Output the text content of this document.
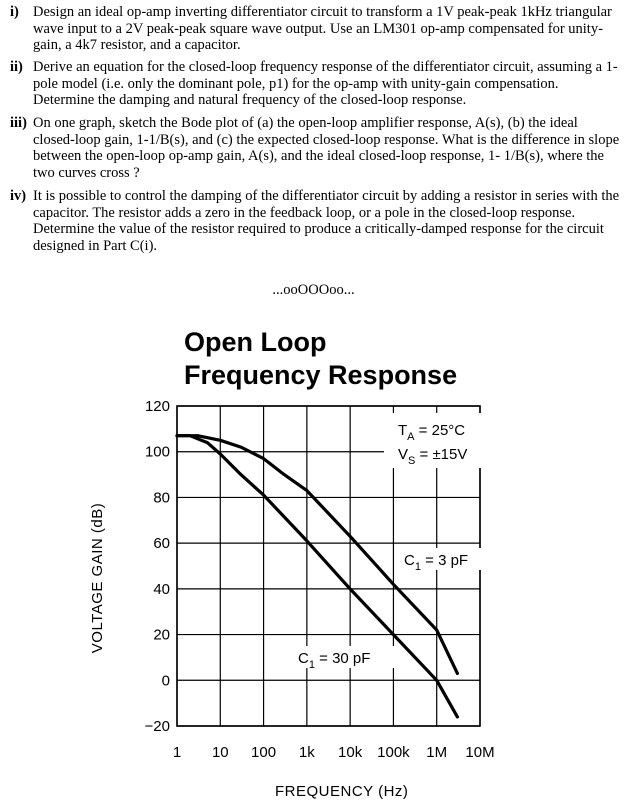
i) Design an ideal op-amp inverting differentiator circuit to transform a 1V peak-peak 1kHz triangular wave input to a 2V peak-peak square wave output. Use an LM301 op-amp compensated for unity-gain, a 4k7 resistor, and a capacitor.
ii) Derive an equation for the closed-loop frequency response of the differentiator circuit, assuming a 1-pole model (i.e. only the dominant pole, p1) for the op-amp with unity-gain compensation. Determine the damping and natural frequency of the closed-loop response.
iii) On one graph, sketch the Bode plot of (a) the open-loop amplifier response, A(s), (b) the ideal closed-loop gain, 1-1/B(s), and (c) the expected closed-loop response. What is the difference in slope between the open-loop op-amp gain, A(s), and the ideal closed-loop response, 1- 1/B(s), where the two curves cross ?
iv) It is possible to control the damping of the differentiator circuit by adding a resistor in series with the capacitor. The resistor adds a zero in the feedback loop, or a pole in the closed-loop response. Determine the value of the resistor required to produce a critically-damped response for the circuit designed in Part C(i).
...ooOOOoo...
Open Loop
Frequency Response
120
100
80
60
40
20
0
−20
1 10 100 1k 10k 100k 1M 10M
$T_A = 25^\circ C$
$V_S = \pm 15V$
$C_1 = 3$ pF
$C_1 = 30$ pF
FREQUENCY (Hz)
VOLTAGE GAIN (dB)
